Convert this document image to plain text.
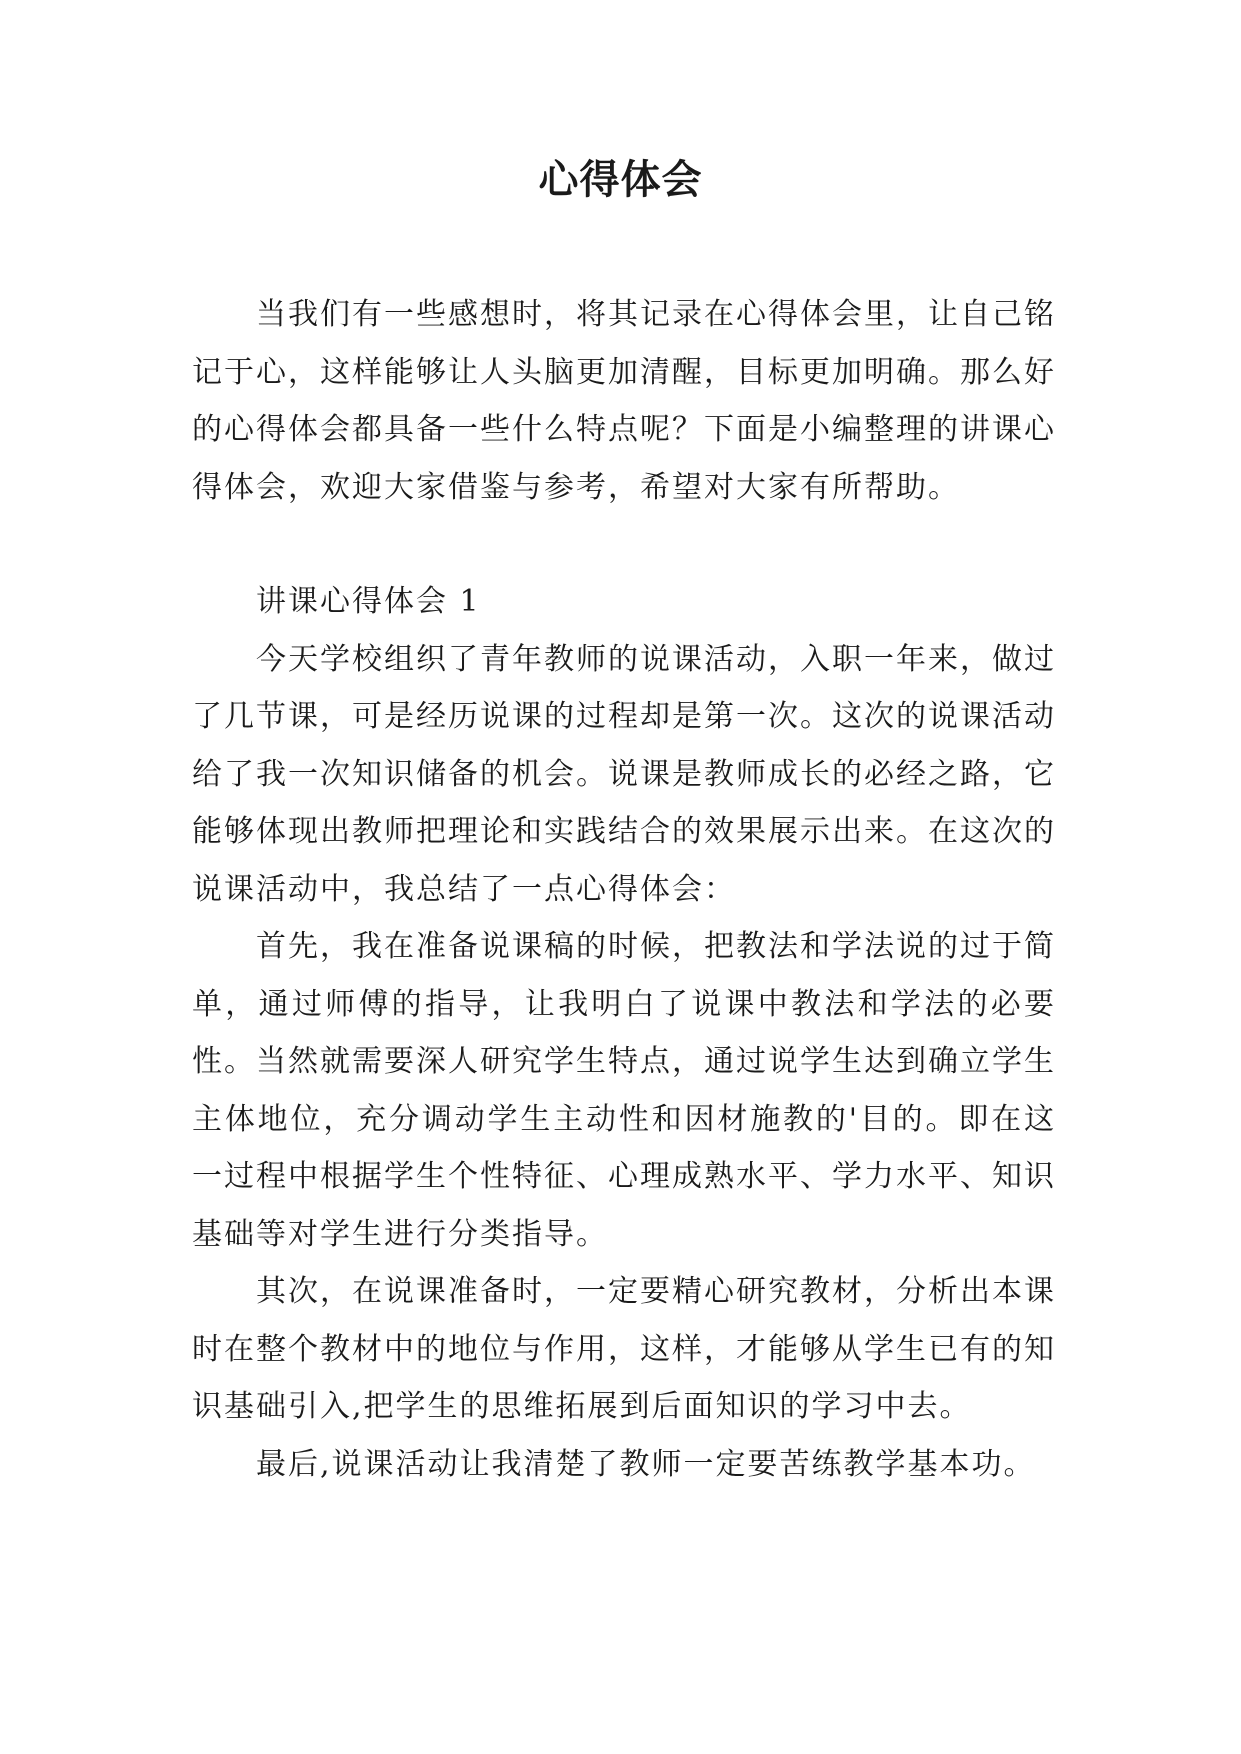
心得体会

当我们有一些感想时，将其记录在心得体会里，让自己铭记于心，这样能够让人头脑更加清醒，目标更加明确。那么好的心得体会都具备一些什么特点呢？下面是小编整理的讲课心得体会，欢迎大家借鉴与参考，希望对大家有所帮助。

讲课心得体会 1

今天学校组织了青年教师的说课活动，入职一年来，做过了几节课，可是经历说课的过程却是第一次。这次的说课活动给了我一次知识储备的机会。说课是教师成长的必经之路，它能够体现出教师把理论和实践结合的效果展示出来。在这次的说课活动中，我总结了一点心得体会：

首先，我在准备说课稿的时候，把教法和学法说的过于简单，通过师傅的指导，让我明白了说课中教法和学法的必要性。当然就需要深人研究学生特点，通过说学生达到确立学生主体地位，充分调动学生主动性和因材施教的'目的。即在这一过程中根据学生个性特征、心理成熟水平、学力水平、知识基础等对学生进行分类指导。

其次，在说课准备时，一定要精心研究教材，分析出本课时在整个教材中的地位与作用，这样，才能够从学生已有的知识基础引入,把学生的思维拓展到后面知识的学习中去。

最后,说课活动让我清楚了教师一定要苦练教学基本功。
